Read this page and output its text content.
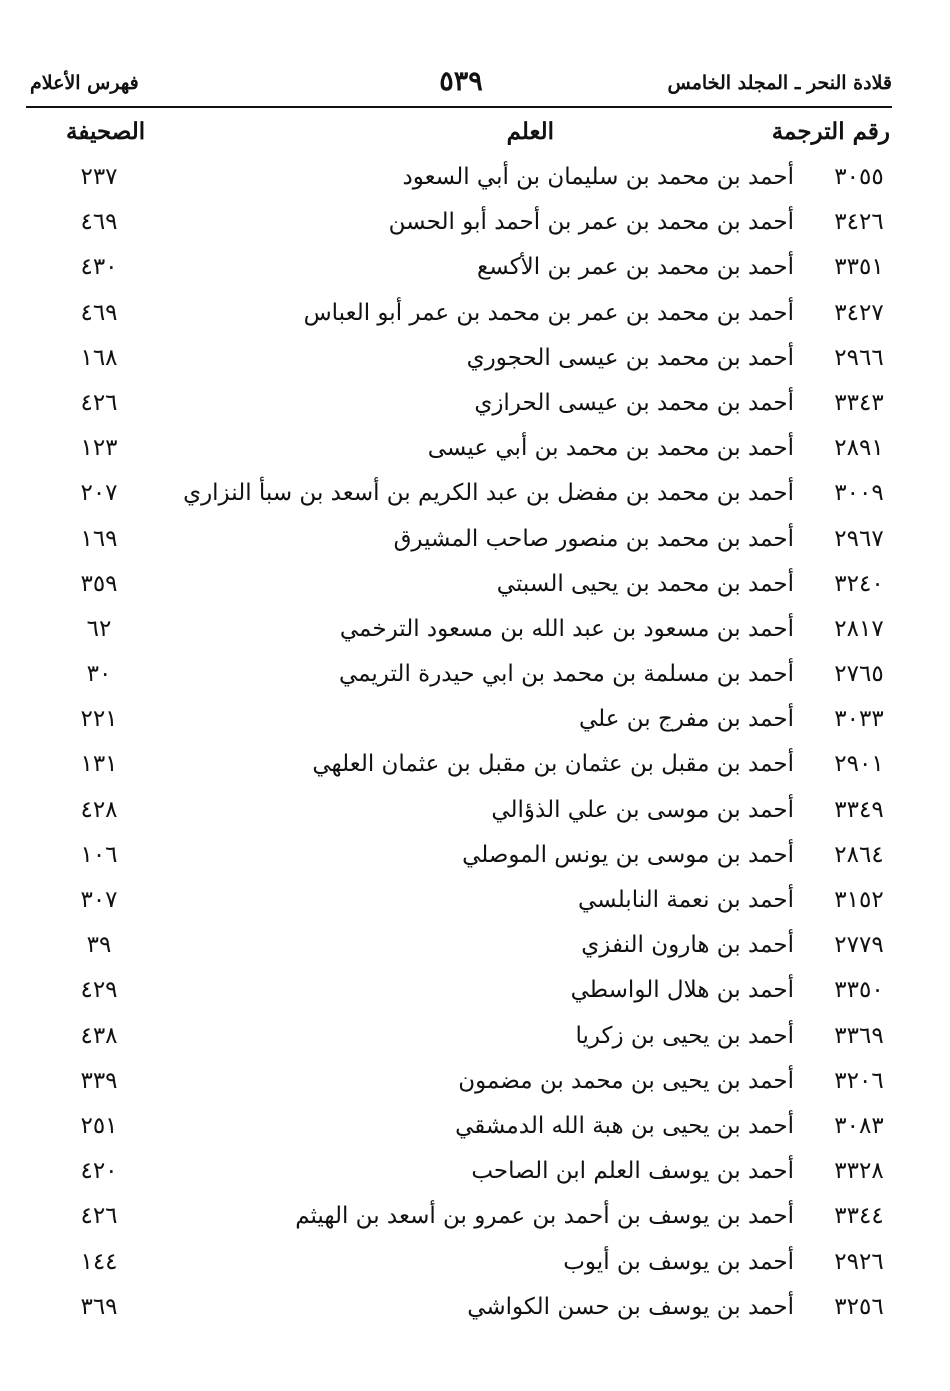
قلادة النحر ـ المجلد الخامس
٥٣٩
فهرس الأعلام
رقم الترجمة
العلم
الصحيفة
٣٠٥٥
أحمد بن محمد بن سليمان بن أبي السعود
٢٣٧
٣٤٢٦
أحمد بن محمد بن عمر بن أحمد أبو الحسن
٤٦٩
٣٣٥١
أحمد بن محمد بن عمر بن الأكسع
٤٣٠
٣٤٢٧
أحمد بن محمد بن عمر بن محمد بن عمر أبو العباس
٤٦٩
٢٩٦٦
أحمد بن محمد بن عيسى الحجوري
١٦٨
٣٣٤٣
أحمد بن محمد بن عيسى الحرازي
٤٢٦
٢٨٩١
أحمد بن محمد بن محمد بن أبي عيسى
١٢٣
٣٠٠٩
أحمد بن محمد بن مفضل بن عبد الكريم بن أسعد بن سبأ النزاري
٢٠٧
٢٩٦٧
أحمد بن محمد بن منصور صاحب المشيرق
١٦٩
٣٢٤٠
أحمد بن محمد بن يحيى السبتي
٣٥٩
٢٨١٧
أحمد بن مسعود بن عبد الله بن مسعود الترخمي
٦٢
٢٧٦٥
أحمد بن مسلمة بن محمد بن ابي حيدرة التريمي
٣٠
٣٠٣٣
أحمد بن مفرج بن علي
٢٢١
٢٩٠١
أحمد بن مقبل بن عثمان بن مقبل بن عثمان العلهي
١٣١
٣٣٤٩
أحمد بن موسى بن علي الذؤالي
٤٢٨
٢٨٦٤
أحمد بن موسى بن يونس الموصلي
١٠٦
٣١٥٢
أحمد بن نعمة النابلسي
٣٠٧
٢٧٧٩
أحمد بن هارون النفزي
٣٩
٣٣٥٠
أحمد بن هلال الواسطي
٤٢٩
٣٣٦٩
أحمد بن يحيى بن زكريا
٤٣٨
٣٢٠٦
أحمد بن يحيى بن محمد بن مضمون
٣٣٩
٣٠٨٣
أحمد بن يحيى بن هبة الله الدمشقي
٢٥١
٣٣٢٨
أحمد بن يوسف العلم ابن الصاحب
٤٢٠
٣٣٤٤
أحمد بن يوسف بن أحمد بن عمرو بن أسعد بن الهيثم
٤٢٦
٢٩٢٦
أحمد بن يوسف بن أيوب
١٤٤
٣٢٥٦
أحمد بن يوسف بن حسن الكواشي
٣٦٩
